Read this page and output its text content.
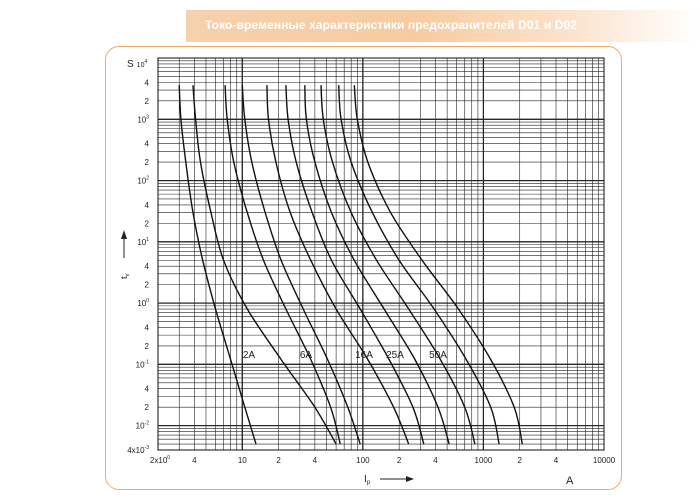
Токо-временные характеристики предохранителей D01 и D02
4
2
$10^3$
4
2
$10^2$
4
2
$10^1$
4
2
$10^0$
4
2
$10^{-1}$
4
2
$10^{-2}$
$4x10^{-3}$
$2x10^0$	4	10	2	4	100	2	4	1000	2	4	10000
2A	6A	16A 25A	50A
S $10^4$
$t_v$
$I_p$	A
